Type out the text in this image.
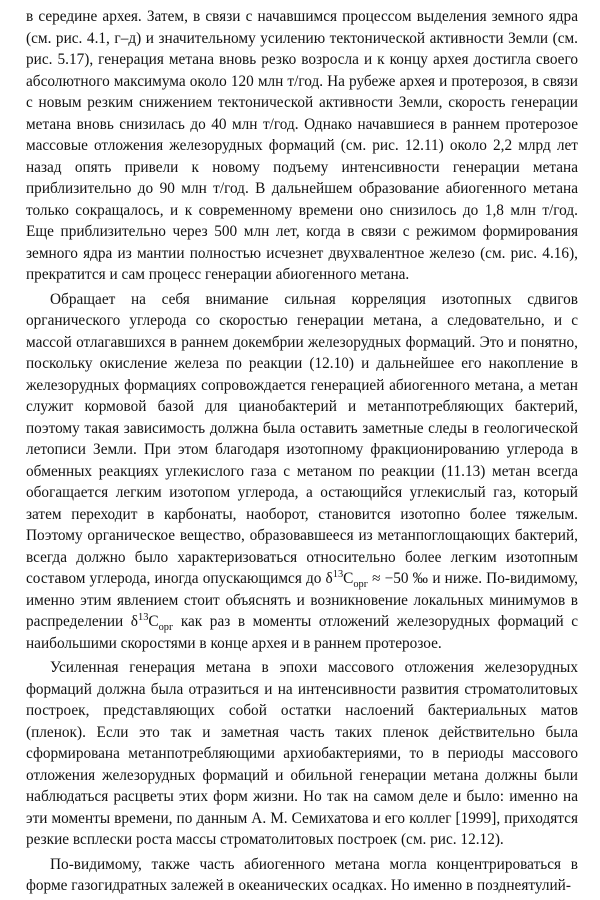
в середине архея. Затем, в связи с начавшимся процессом выделения земного ядра (см. рис. 4.1, г–д) и значительному усилению тектонической активности Земли (см. рис. 5.17), генерация метана вновь резко возросла и к концу архея достигла своего абсолютного максимума около 120 млн т/год. На рубеже архея и протерозоя, в связи с новым резким снижением тектонической активности Земли, скорость генерации метана вновь снизилась до 40 млн т/год. Однако начавшиеся в раннем протерозое массовые отложения железорудных формаций (см. рис. 12.11) около 2,2 млрд лет назад опять привели к новому подъему интенсивности генерации метана приблизительно до 90 млн т/год. В дальнейшем образование абиогенного метана только сокращалось, и к современному времени оно снизилось до 1,8 млн т/год. Еще приблизительно через 500 млн лет, когда в связи с режимом формирования земного ядра из мантии полностью исчезнет двухвалентное железо (см. рис. 4.16), прекратится и сам процесс генерации абиогенного метана.

Обращает на себя внимание сильная корреляция изотопных сдвигов органического углерода со скоростью генерации метана, а следовательно, и с массой отлагавшихся в раннем докембрии железорудных формаций. Это и понятно, поскольку окисление железа по реакции (12.10) и дальнейшее его накопление в железорудных формациях сопровождается генерацией абиогенного метана, а метан служит кормовой базой для цианобактерий и метанпотребляющих бактерий, поэтому такая зависимость должна была оставить заметные следы в геологической летописи Земли. При этом благодаря изотопному фракционированию углерода в обменных реакциях углекислого газа с метаном по реакции (11.13) метан всегда обогащается легким изотопом углерода, а остающийся углекислый газ, который затем переходит в карбонаты, наоборот, становится изотопно более тяжелым. Поэтому органическое вещество, образовавшееся из метанпоглощающих бактерий, всегда должно было характеризоваться относительно более легким изотопным составом углерода, иногда опускающимся до $\delta^{13}C_{орг} \approx -50$ ‰ и ниже. По-видимому, именно этим явлением стоит объяснять и возникновение локальных минимумов в распределении $\delta^{13}C_{орг}$ как раз в моменты отложений железорудных формаций с наибольшими скоростями в конце архея и в раннем протерозое.

Усиленная генерация метана в эпохи массового отложения железорудных формаций должна была отразиться и на интенсивности развития строматолитовых построек, представляющих собой остатки наслоений бактериальных матов (пленок). Если это так и заметная часть таких пленок действительно была сформирована метанпотребляющими архиобактериями, то в периоды массового отложения железорудных формаций и обильной генерации метана должны были наблюдаться расцветы этих форм жизни. Но так на самом деле и было: именно на эти моменты времени, по данным А. М. Семихатова и его коллег [1999], приходятся резкие всплески роста массы строматолитовых построек (см. рис. 12.12).

По-видимому, также часть абиогенного метана могла концентрироваться в форме газогидратных залежей в океанических осадках. Но именно в позднеятулий-
